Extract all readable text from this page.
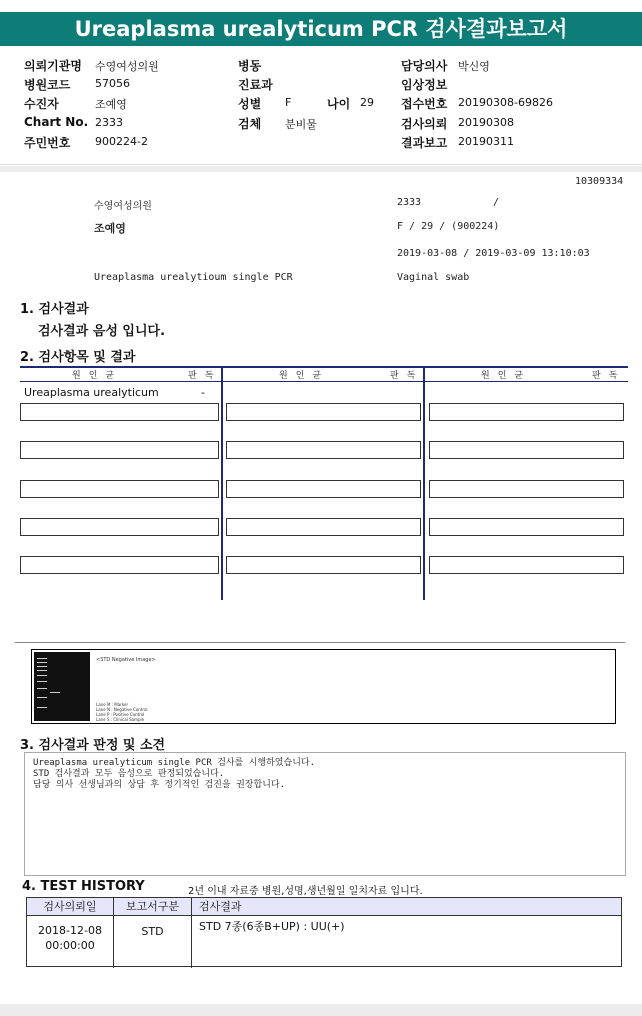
Ureaplasma urealyticum PCR 검사결과보고서
의뢰기관명 수영여성의원
병원코드 57056
수진자	조예영
Chart No. 2333
주민번호 900224-2
병동
진료과
성별 F	나이 29
검체 분비물
담당의사 박신영
임상정보
접수번호 20190308-69826
검사의뢰 20190308
결과보고 20190311
10309334
수영여성의원	2333	/
조예영	F / 29 / (900224)
2019-03-08 / 2019-03-09 13:10:03
Ureaplasma urealytioum single PCR	Vaginal swab
1. 검사결과
검사결과 음성 입니다.
2. 검사항목 및 결과
원인균	판독	원인균	판독	원인균	판독
Ureaplasma urealyticum	-
<STD Negative Image>
Lane M : Marker
Lane N : Negative Control
Lane P : Positive Control
Lane S : Clinical Sample
3. 검사결과 판정 및 소견
Ureaplasma urealyticum single PCR 검사를 시행하였습니다.
STD 검사결과 모두 음성으로 판정되었습니다.
담당 의사 선생님과의 상담 후 정기적인 검진을 권장합니다.
4. TEST HISTORY	2년 이내 자료중 병원,성명,생년월일 일치자료 입니다.
검사의뢰일	보고서구분	검사결과
2018-12-08
00:00:00
STD	STD 7종(6종B+UP) : UU(+)
